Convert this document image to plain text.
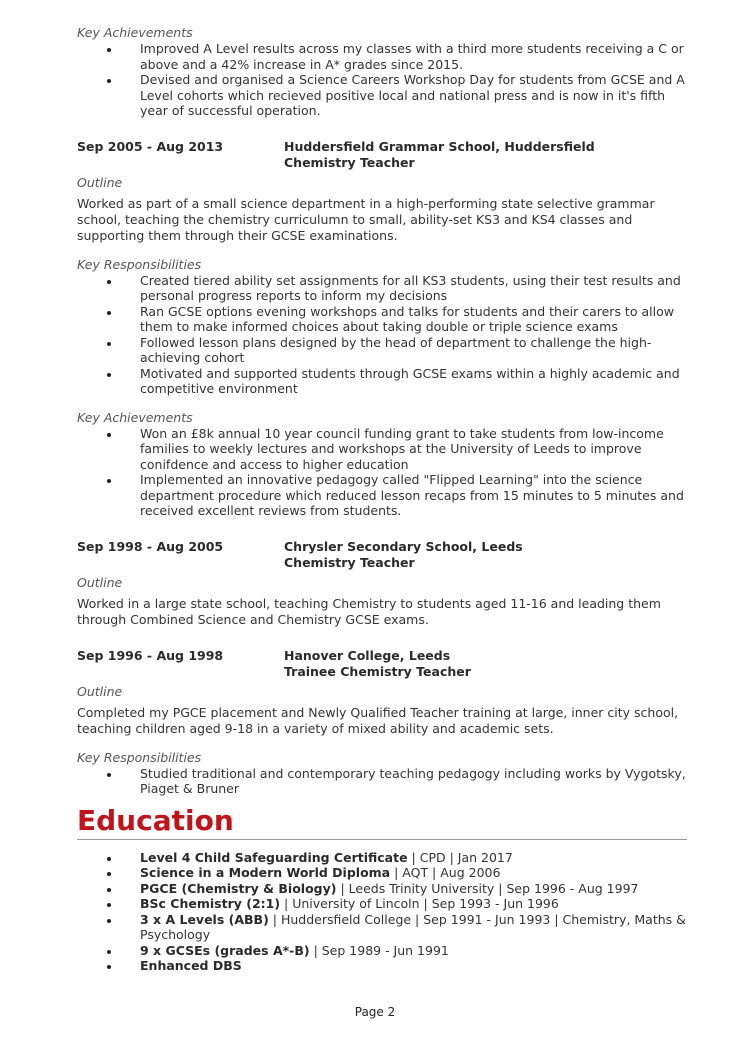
Key Achievements

Improved A Level results across my classes with a third more students receiving a C or above and a 42% increase in A* grades since 2015.
Devised and organised a Science Careers Workshop Day for students from GCSE and A Level cohorts which recieved positive local and national press and is now in it's fifth year of successful operation.
Sep 2005 - Aug 2013	Huddersfield Grammar School, Huddersfield
Chemistry Teacher

Outline

Worked as part of a small science department in a high-performing state selective grammar school, teaching the chemistry curriculumn to small, ability-set KS3 and KS4 classes and supporting them through their GCSE examinations.

Key Responsibilities

Created tiered ability set assignments for all KS3 students, using their test results and personal progress reports to inform my decisions
Ran GCSE options evening workshops and talks for students and their carers to allow them to make informed choices about taking double or triple science exams
Followed lesson plans designed by the head of department to challenge the high-achieving cohort
Motivated and supported students through GCSE exams within a highly academic and competitive environment

Key Achievements

Won an £8k annual 10 year council funding grant to take students from low-income families to weekly lectures and workshops at the University of Leeds to improve conifdence and access to higher education
Implemented an innovative pedagogy called "Flipped Learning" into the science department procedure which reduced lesson recaps from 15 minutes to 5 minutes and received excellent reviews from students.
Sep 1998 - Aug 2005	Chrysler Secondary School, Leeds
Chemistry Teacher

Outline

Worked in a large state school, teaching Chemistry to students aged 11-16 and leading them through Combined Science and Chemistry GCSE exams.

Sep 1996 - Aug 1998	Hanover College, Leeds
Trainee Chemistry Teacher

Outline

Completed my PGCE placement and Newly Qualified Teacher training at large, inner city school, teaching children aged 9-18 in a variety of mixed ability and academic sets.

Key Responsibilities

Studied traditional and contemporary teaching pedagogy including works by Vygotsky, Piaget & Bruner
Education
Level 4 Child Safeguarding Certificate | CPD | Jan 2017
Science in a Modern World Diploma | AQT | Aug 2006
PGCE (Chemistry & Biology) | Leeds Trinity University | Sep 1996 - Aug 1997
BSc Chemistry (2:1) | University of Lincoln | Sep 1993 - Jun 1996
3 x A Levels (ABB) | Huddersfield College | Sep 1991 - Jun 1993 | Chemistry, Maths & Psychology
9 x GCSEs (grades A*-B) | Sep 1989 - Jun 1991
Enhanced DBS
Page 2
